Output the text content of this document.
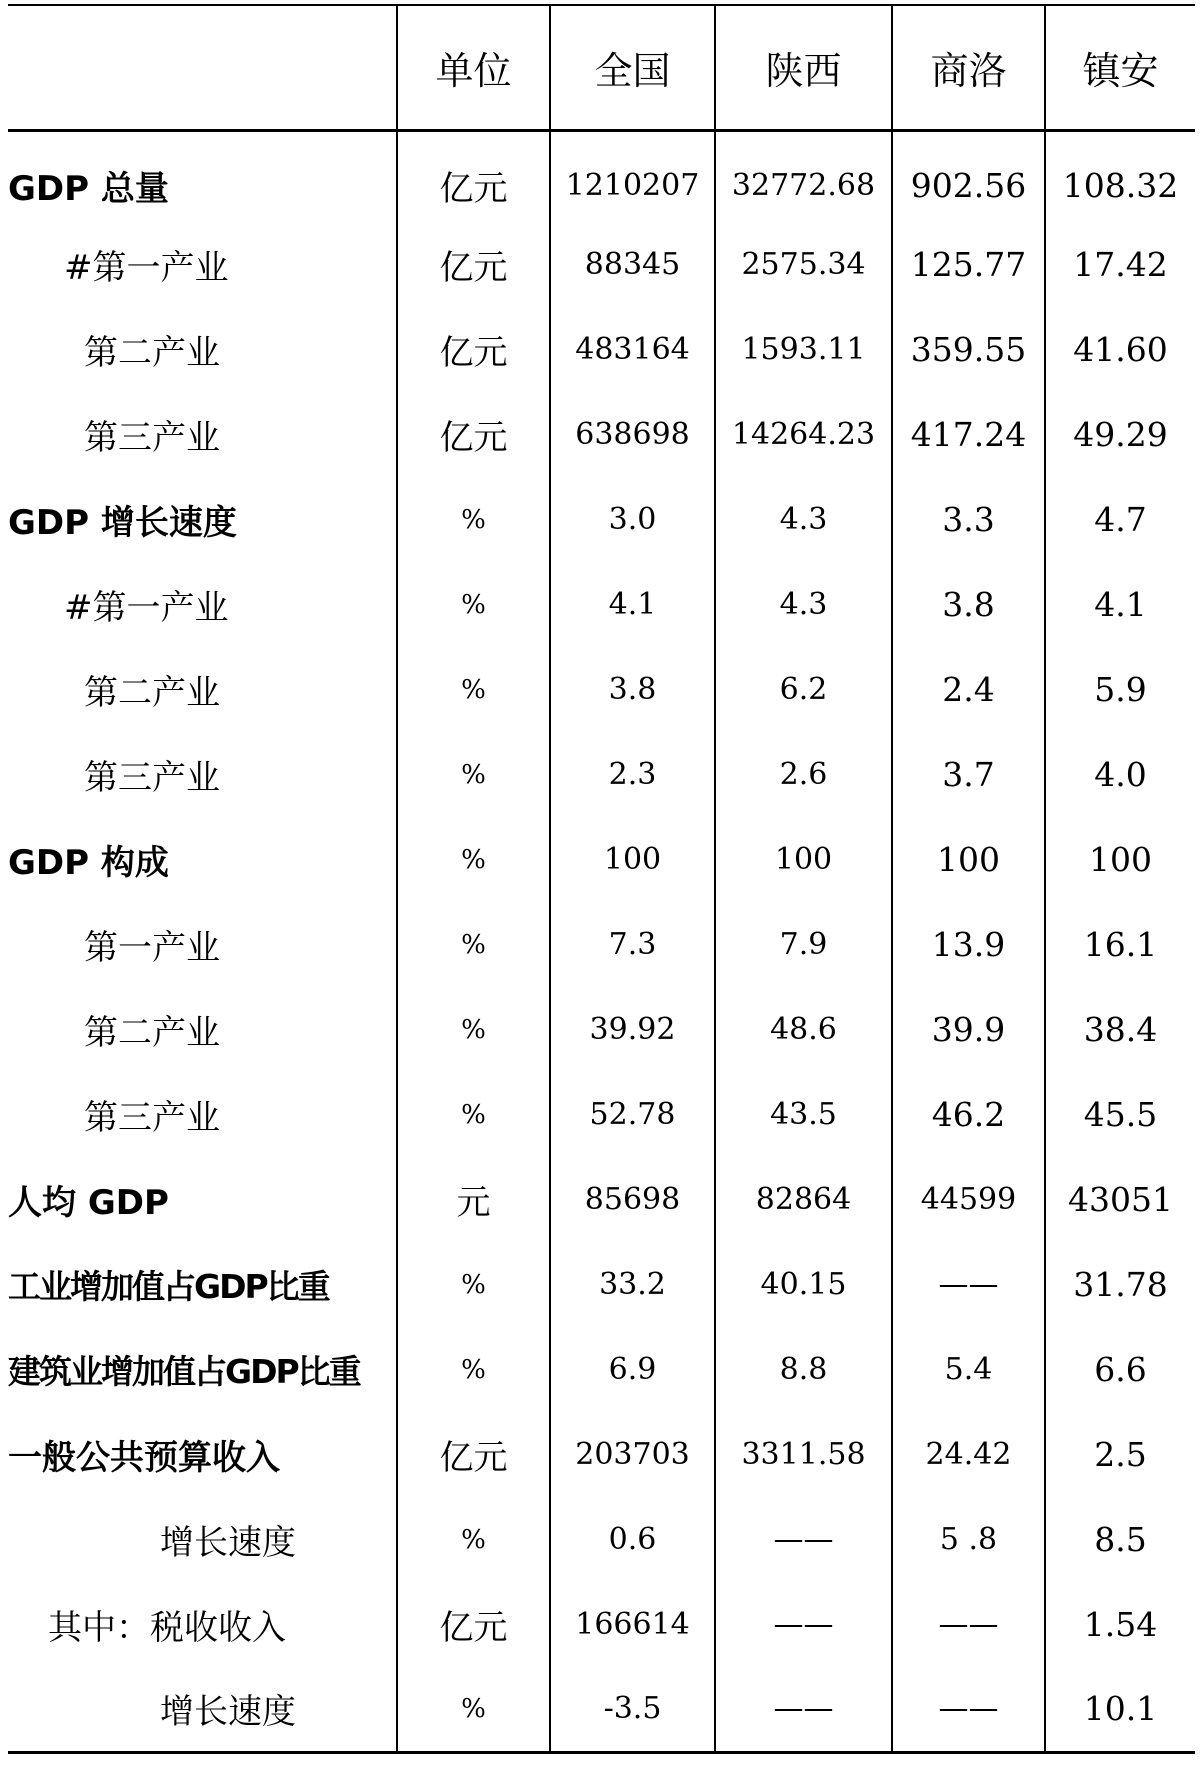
	单位	全国	陕西	商洛	镇安
GDP 总量	亿元	1210207	32772.68	902.56	108.32
#第一产业	亿元	88345	2575.34	125.77	17.42
第二产业	亿元	483164	1593.11	359.55	41.60
第三产业	亿元	638698	14264.23	417.24	49.29
GDP 增长速度	%	3.0	4.3	3.3	4.7
#第一产业	%	4.1	4.3	3.8	4.1
第二产业	%	3.8	6.2	2.4	5.9
第三产业	%	2.3	2.6	3.7	4.0
GDP 构成	%	100	100	100	100
第一产业	%	7.3	7.9	13.9	16.1
第二产业	%	39.92	48.6	39.9	38.4
第三产业	%	52.78	43.5	46.2	45.5
人均 GDP	元	85698	82864	44599	43051
工业增加值占GDP比重	%	33.2	40.15	——	31.78
建筑业增加值占GDP比重	%	6.9	8.8	5.4	6.6
一般公共预算收入	亿元	203703	3311.58	24.42	2.5
增长速度	%	0.6	——	5 .8	8.5
其中：税收收入	亿元	166614	——	——	1.54
增长速度	%	-3.5	——	——	10.1
